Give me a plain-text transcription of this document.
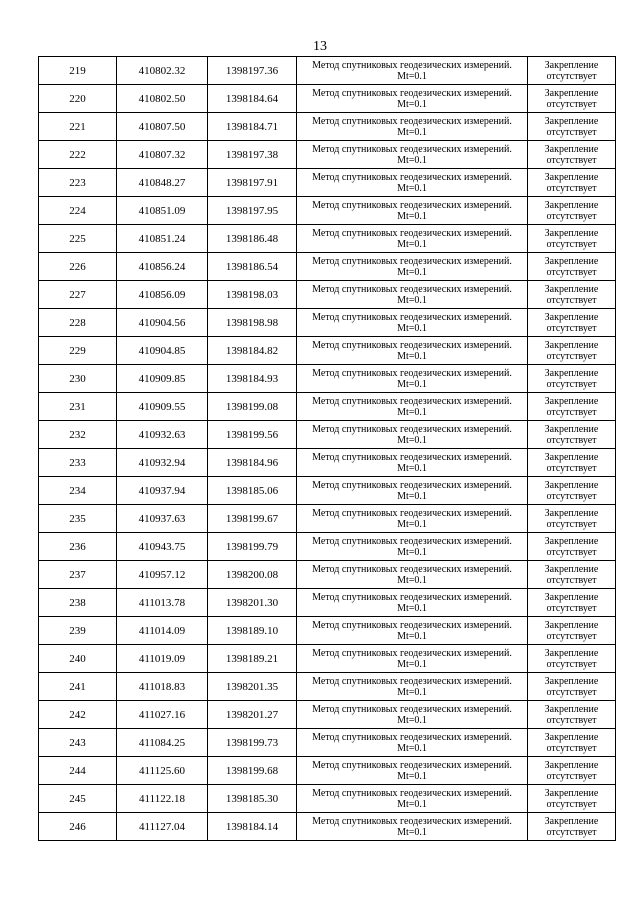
13
219	410802.32	1398197.36	Метод спутниковых геодезических измерений. Mt=0.1	Закрепление отсутствует
220	410802.50	1398184.64	Метод спутниковых геодезических измерений. Mt=0.1	Закрепление отсутствует
221	410807.50	1398184.71	Метод спутниковых геодезических измерений. Mt=0.1	Закрепление отсутствует
222	410807.32	1398197.38	Метод спутниковых геодезических измерений. Mt=0.1	Закрепление отсутствует
223	410848.27	1398197.91	Метод спутниковых геодезических измерений. Mt=0.1	Закрепление отсутствует
224	410851.09	1398197.95	Метод спутниковых геодезических измерений. Mt=0.1	Закрепление отсутствует
225	410851.24	1398186.48	Метод спутниковых геодезических измерений. Mt=0.1	Закрепление отсутствует
226	410856.24	1398186.54	Метод спутниковых геодезических измерений. Mt=0.1	Закрепление отсутствует
227	410856.09	1398198.03	Метод спутниковых геодезических измерений. Mt=0.1	Закрепление отсутствует
228	410904.56	1398198.98	Метод спутниковых геодезических измерений. Mt=0.1	Закрепление отсутствует
229	410904.85	1398184.82	Метод спутниковых геодезических измерений. Mt=0.1	Закрепление отсутствует
230	410909.85	1398184.93	Метод спутниковых геодезических измерений. Mt=0.1	Закрепление отсутствует
231	410909.55	1398199.08	Метод спутниковых геодезических измерений. Mt=0.1	Закрепление отсутствует
232	410932.63	1398199.56	Метод спутниковых геодезических измерений. Mt=0.1	Закрепление отсутствует
233	410932.94	1398184.96	Метод спутниковых геодезических измерений. Mt=0.1	Закрепление отсутствует
234	410937.94	1398185.06	Метод спутниковых геодезических измерений. Mt=0.1	Закрепление отсутствует
235	410937.63	1398199.67	Метод спутниковых геодезических измерений. Mt=0.1	Закрепление отсутствует
236	410943.75	1398199.79	Метод спутниковых геодезических измерений. Mt=0.1	Закрепление отсутствует
237	410957.12	1398200.08	Метод спутниковых геодезических измерений. Mt=0.1	Закрепление отсутствует
238	411013.78	1398201.30	Метод спутниковых геодезических измерений. Mt=0.1	Закрепление отсутствует
239	411014.09	1398189.10	Метод спутниковых геодезических измерений. Mt=0.1	Закрепление отсутствует
240	411019.09	1398189.21	Метод спутниковых геодезических измерений. Mt=0.1	Закрепление отсутствует
241	411018.83	1398201.35	Метод спутниковых геодезических измерений. Mt=0.1	Закрепление отсутствует
242	411027.16	1398201.27	Метод спутниковых геодезических измерений. Mt=0.1	Закрепление отсутствует
243	411084.25	1398199.73	Метод спутниковых геодезических измерений. Mt=0.1	Закрепление отсутствует
244	411125.60	1398199.68	Метод спутниковых геодезических измерений. Mt=0.1	Закрепление отсутствует
245	411122.18	1398185.30	Метод спутниковых геодезических измерений. Mt=0.1	Закрепление отсутствует
246	411127.04	1398184.14	Метод спутниковых геодезических измерений. Mt=0.1	Закрепление отсутствует
